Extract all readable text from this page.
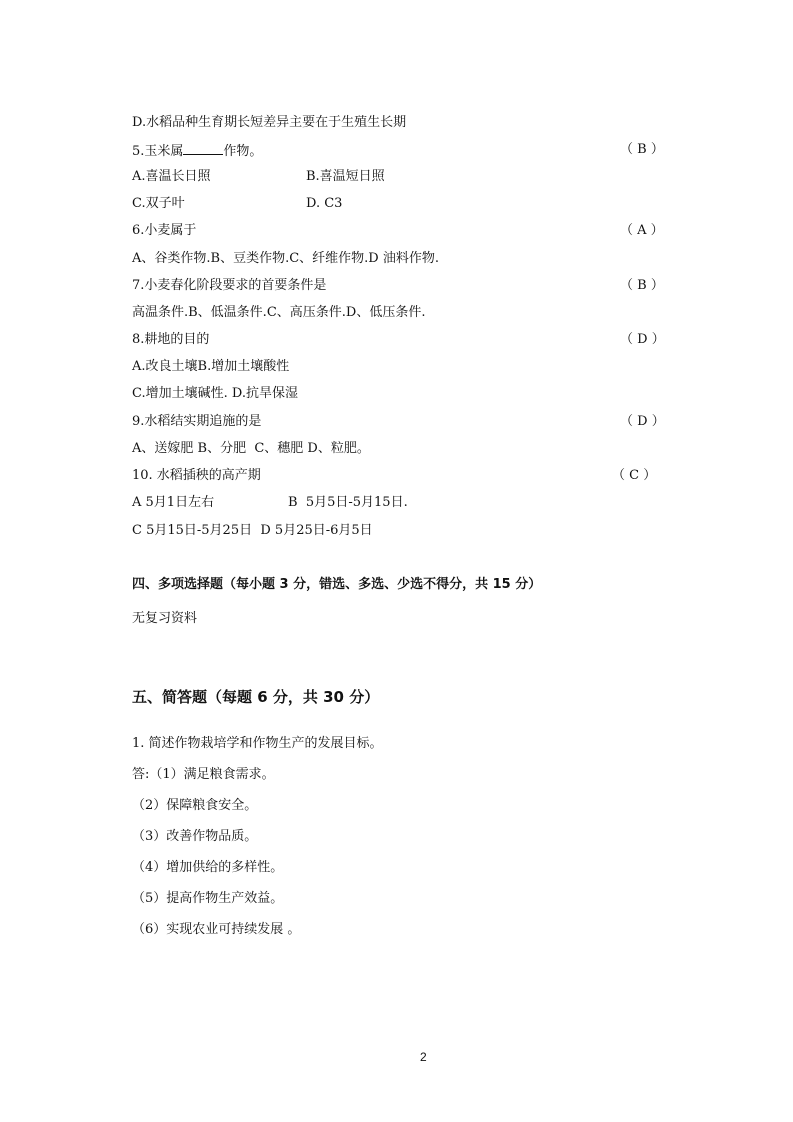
D.水稻品种生育期长短差异主要在于生殖生长期
5.玉米属	作物。	（ B ）
A.喜温长日照	B.喜温短日照
C.双子叶	D. C3
6.小麦属于	（ A ）
A、谷类作物.B、豆类作物.C、纤维作物.D 油料作物.
7.小麦春化阶段要求的首要条件是	（ B ）
高温条件.B、低温条件.C、高压条件.D、低压条件.
8.耕地的目的	（ D ）
A.改良土壤B.增加土壤酸性
C.增加土壤碱性. D.抗旱保湿
9.水稻结实期追施的是	（ D ）
A、送嫁肥 B、分肥  C、穗肥 D、粒肥。
10. 水稻插秧的高产期	（ C ）
A 5月1日左右	B  5月5日-5月15日.
C 5月15日-5月25日  D 5月25日-6月5日
四、多项选择题（每小题 3 分，错选、多选、少选不得分，共 15 分）
无复习资料
五、简答题（每题 6 分，共 30 分）
1. 简述作物栽培学和作物生产的发展目标。
答:（1）满足粮食需求。
（2）保障粮食安全。
（3）改善作物品质。
（4）增加供给的多样性。
（5）提高作物生产效益。
（6）实现农业可持续发展 。
2
